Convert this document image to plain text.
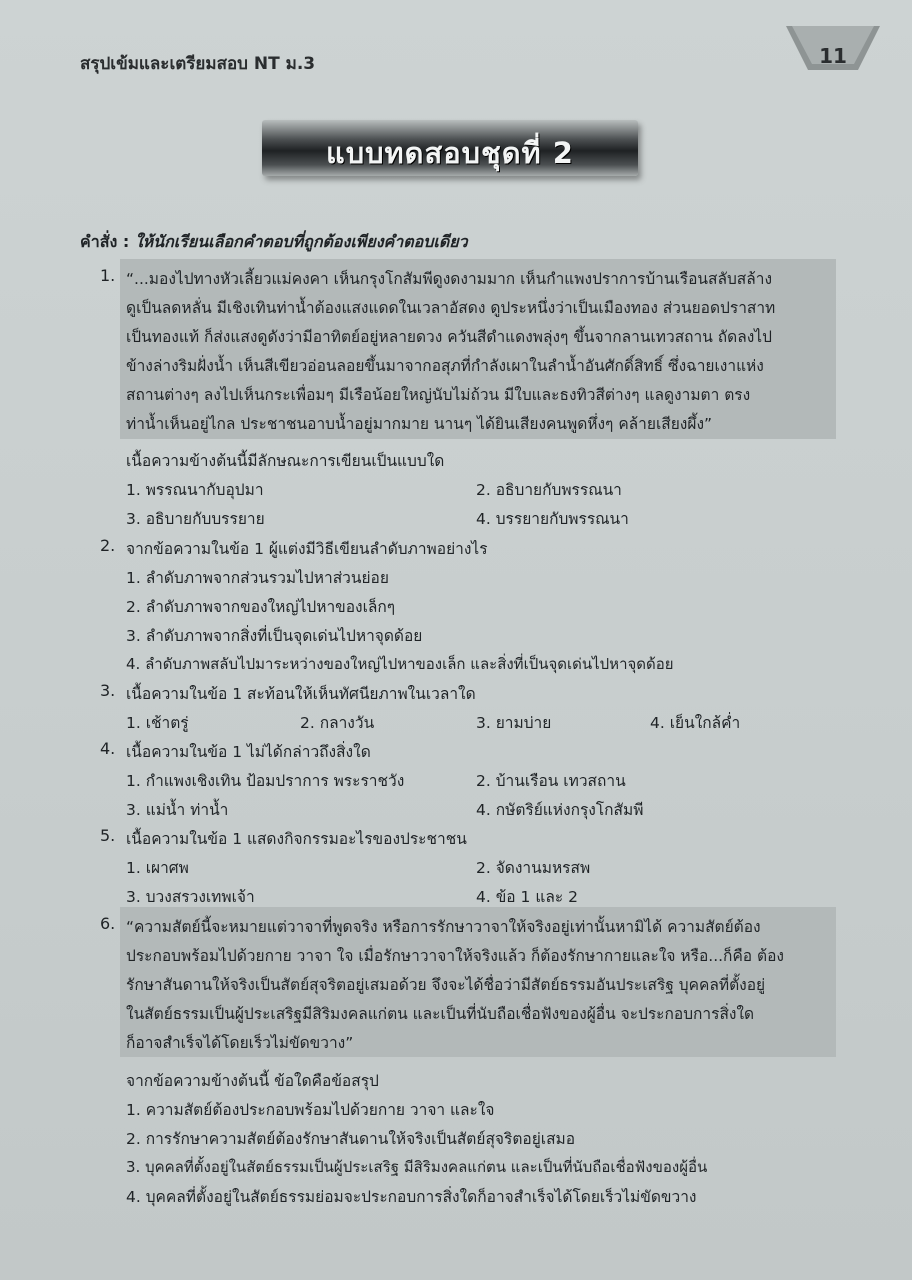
สรุปเข้มและเตรียมสอบ NT ม.3	11
แบบทดสอบชุดที่ 2
คำสั่ง : ให้นักเรียนเลือกคำตอบที่ถูกต้องเพียงคำตอบเดียว
1. “...มองไปทางหัวเลี้ยวแม่คงคา เห็นกรุงโกสัมพีดูงดงามมาก เห็นกำแพงปราการบ้านเรือนสลับสล้าง
ดูเป็นลดหลั่น มีเชิงเทินท่าน้ำต้องแสงแดดในเวลาอัสดง ดูประหนึ่งว่าเป็นเมืองทอง ส่วนยอดปราสาท
เป็นทองแท้ ก็ส่งแสงดูดังว่ามีอาทิตย์อยู่หลายดวง ควันสีดำแดงพลุ่งๆ ขึ้นจากลานเทวสถาน ถัดลงไป
ข้างล่างริมฝั่งน้ำ เห็นสีเขียวอ่อนลอยขึ้นมาจากอสุภที่กำลังเผาในลำน้ำอันศักดิ์สิทธิ์ ซึ่งฉายเงาแห่ง
สถานต่างๆ ลงไปเห็นกระเพื่อมๆ มีเรือน้อยใหญ่นับไม่ถ้วน มีใบและธงทิวสีต่างๆ แลดูงามตา ตรง
ท่าน้ำเห็นอยู่ไกล ประชาชนอาบน้ำอยู่มากมาย นานๆ ได้ยินเสียงคนพูดหึ่งๆ คล้ายเสียงผึ้ง”
เนื้อความข้างต้นนี้มีลักษณะการเขียนเป็นแบบใด
1. พรรณนากับอุปมา	2. อธิบายกับพรรณนา
3. อธิบายกับบรรยาย	4. บรรยายกับพรรณนา
2. จากข้อความในข้อ 1 ผู้แต่งมีวิธีเขียนลำดับภาพอย่างไร
1. ลำดับภาพจากส่วนรวมไปหาส่วนย่อย
2. ลำดับภาพจากของใหญ่ไปหาของเล็กๆ
3. ลำดับภาพจากสิ่งที่เป็นจุดเด่นไปหาจุดด้อย
4. ลำดับภาพสลับไปมาระหว่างของใหญ่ไปหาของเล็ก และสิ่งที่เป็นจุดเด่นไปหาจุดด้อย
3. เนื้อความในข้อ 1 สะท้อนให้เห็นทัศนียภาพในเวลาใด
1. เช้าตรู่	2. กลางวัน	3. ยามบ่าย	4. เย็นใกล้ค่ำ
4. เนื้อความในข้อ 1 ไม่ได้กล่าวถึงสิ่งใด
1. กำแพงเชิงเทิน ป้อมปราการ พระราชวัง	2. บ้านเรือน เทวสถาน
3. แม่น้ำ ท่าน้ำ	4. กษัตริย์แห่งกรุงโกสัมพี
5. เนื้อความในข้อ 1 แสดงกิจกรรมอะไรของประชาชน
1. เผาศพ	2. จัดงานมหรสพ
3. บวงสรวงเทพเจ้า	4. ข้อ 1 และ 2
6. “ความสัตย์นี้จะหมายแต่วาจาที่พูดจริง หรือการรักษาวาจาให้จริงอยู่เท่านั้นหามิได้ ความสัตย์ต้อง
ประกอบพร้อมไปด้วยกาย วาจา ใจ เมื่อรักษาวาจาให้จริงแล้ว ก็ต้องรักษากายและใจ หรือ...ก็คือ ต้อง
รักษาสันดานให้จริงเป็นสัตย์สุจริตอยู่เสมอด้วย จึงจะได้ชื่อว่ามีสัตย์ธรรมอันประเสริฐ บุคคลที่ตั้งอยู่
ในสัตย์ธรรมเป็นผู้ประเสริฐมีสิริมงคลแก่ตน และเป็นที่นับถือเชื่อฟังของผู้อื่น จะประกอบการสิ่งใด
ก็อาจสำเร็จได้โดยเร็วไม่ขัดขวาง”
จากข้อความข้างต้นนี้ ข้อใดคือข้อสรุป
1. ความสัตย์ต้องประกอบพร้อมไปด้วยกาย วาจา และใจ
2. การรักษาความสัตย์ต้องรักษาสันดานให้จริงเป็นสัตย์สุจริตอยู่เสมอ
3. บุคคลที่ตั้งอยู่ในสัตย์ธรรมเป็นผู้ประเสริฐ มีสิริมงคลแก่ตน และเป็นที่นับถือเชื่อฟังของผู้อื่น
4. บุคคลที่ตั้งอยู่ในสัตย์ธรรมย่อมจะประกอบการสิ่งใดก็อาจสำเร็จได้โดยเร็วไม่ขัดขวาง
